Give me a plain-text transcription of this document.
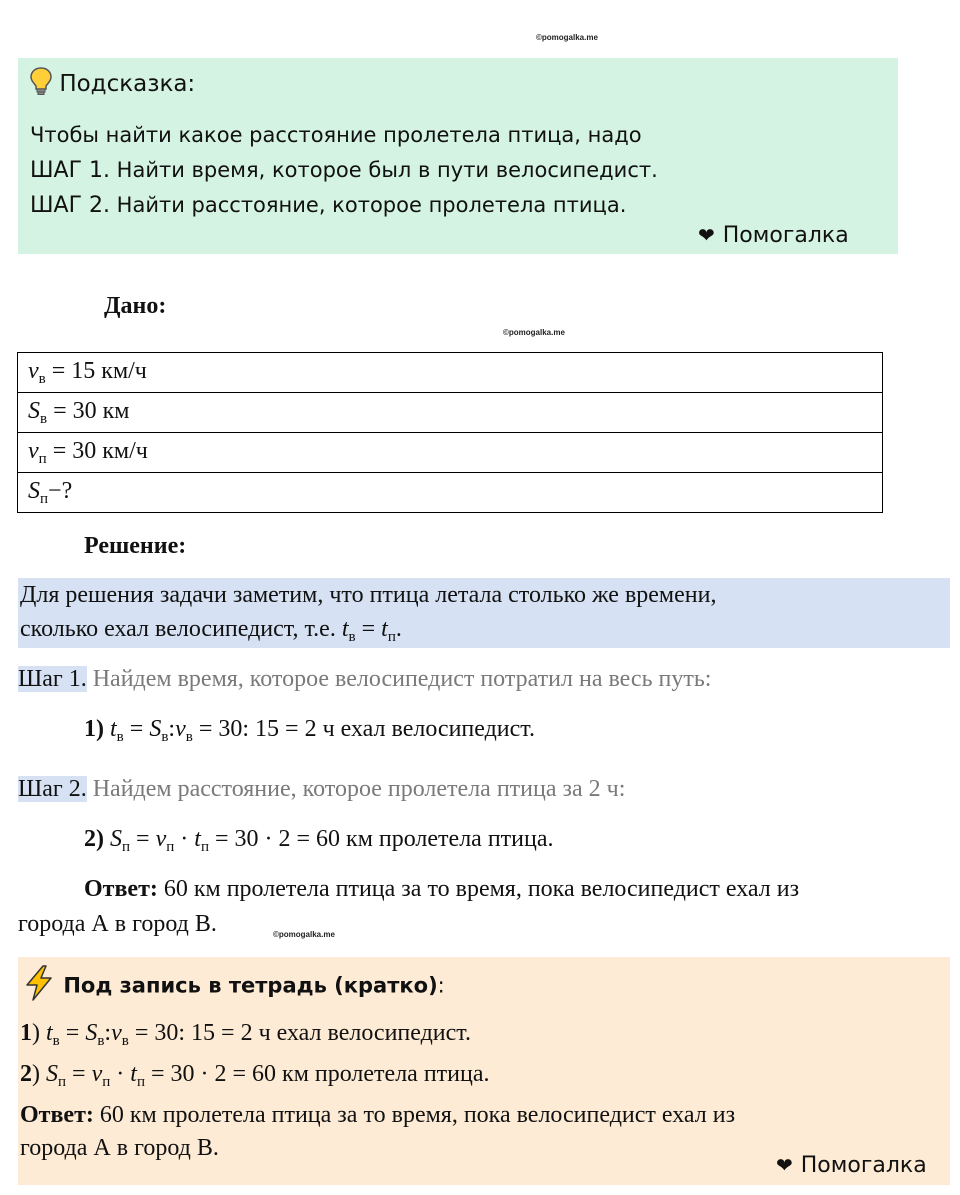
©pomogalka.me
Подсказка:
Чтобы найти какое расстояние пролетела птица, надо
ШАГ 1. Найти время, которое был в пути велосипедист.
ШАГ 2. Найти расстояние, которое пролетела птица.
❤ Помогалка
Дано:
©pomogalka.me
$v_в = 15$ км/ч
$S_в = 30$ км
$v_п = 30$ км/ч
$S_п-$?
Решение:
Для решения задачи заметим, что птица летала столько же времени,
сколько ехал велосипедист, т.е. $t_в = t_п$.
Шаг 1. Найдем время, которое велосипедист потратил на весь путь:
1) $t_в$ = $S_в:v_в = 30$: 15 = 2 ч ехал велосипедист.
Шаг 2. Найдем расстояние, которое пролетела птица за 2 ч:
2) $S_п = v_п \cdot t_п = 30 \cdot 2 = 60$ км пролетела птица.
Ответ: 60 км пролетела птица за то время, пока велосипедист ехал из
города А в город В.	©pomogalka.me
Под запись в тетрадь (кратко):
1) $t_в$ = $S_в:v_в = 30$: 15 = 2 ч ехал велосипедист.
2) $S_п = v_п \cdot t_п = 30 \cdot 2 = 60$ км пролетела птица.
Ответ: 60 км пролетела птица за то время, пока велосипедист ехал из
города А в город В.
❤ Помогалка
